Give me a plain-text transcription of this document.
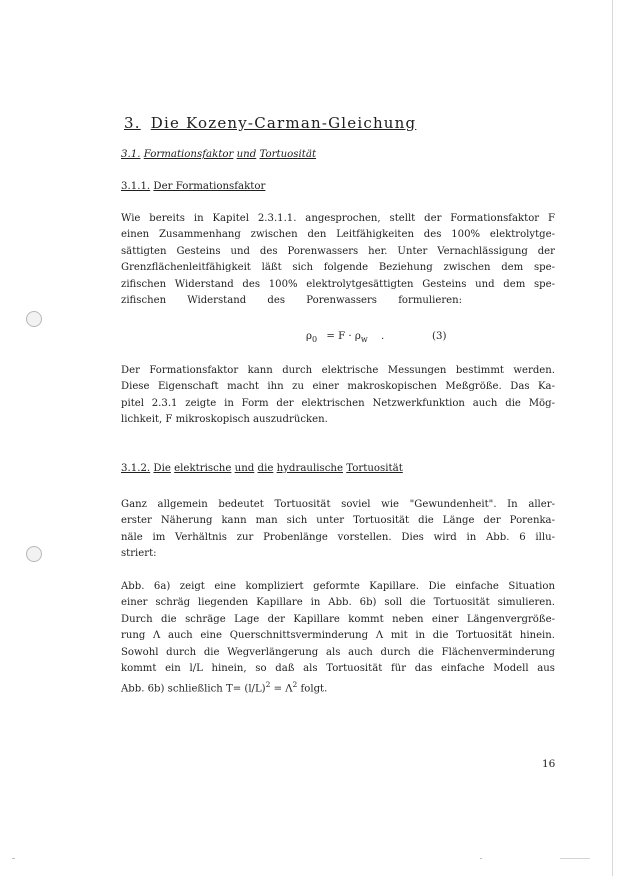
3. Die Kozeny-Carman-Gleichung
3.1. Formationsfaktor und Tortuosität
3.1.1. Der Formationsfaktor
Wie bereits in Kapitel 2.3.1.1. angesprochen, stellt der Formationsfaktor F
einen Zusammenhang zwischen den Leitfähigkeiten des 100% elektrolytge-
sättigten Gesteins und des Porenwassers her. Unter Vernachlässigung der
Grenzflächenleitfähigkeit läßt sich folgende Beziehung zwischen dem spe-
zifischen Widerstand des 100% elektrolytgesättigten Gesteins und dem spe-
zifischen Widerstand des Porenwassers formulieren:
$\rho_0 = F \cdot \rho_w$ .	(3)
Der Formationsfaktor kann durch elektrische Messungen bestimmt werden.
Diese Eigenschaft macht ihn zu einer makroskopischen Meßgröße. Das Ka-
pitel 2.3.1 zeigte in Form der elektrischen Netzwerkfunktion auch die Mög-
lichkeit, F mikroskopisch auszudrücken.
3.1.2. Die elektrische und die hydraulische Tortuosität
Ganz allgemein bedeutet Tortuosität soviel wie "Gewundenheit". In aller-
erster Näherung kann man sich unter Tortuosität die Länge der Porenka-
näle im Verhältnis zur Probenlänge vorstellen. Dies wird in Abb. 6 illu-
striert:
Abb. 6a) zeigt eine kompliziert geformte Kapillare. Die einfache Situation
einer schräg liegenden Kapillare in Abb. 6b) soll die Tortuosität simulieren.
Durch die schräge Lage der Kapillare kommt neben einer Längenvergröße-
rung Λ auch eine Querschnittsverminderung Λ mit in die Tortuosität hinein.
Sowohl durch die Wegverlängerung als auch durch die Flächenverminderung
kommt ein l/L hinein, so daß als Tortuosität für das einfache Modell aus
Abb. 6b) schließlich $T= (l/L)^2 = \Lambda^2$ folgt.
16
